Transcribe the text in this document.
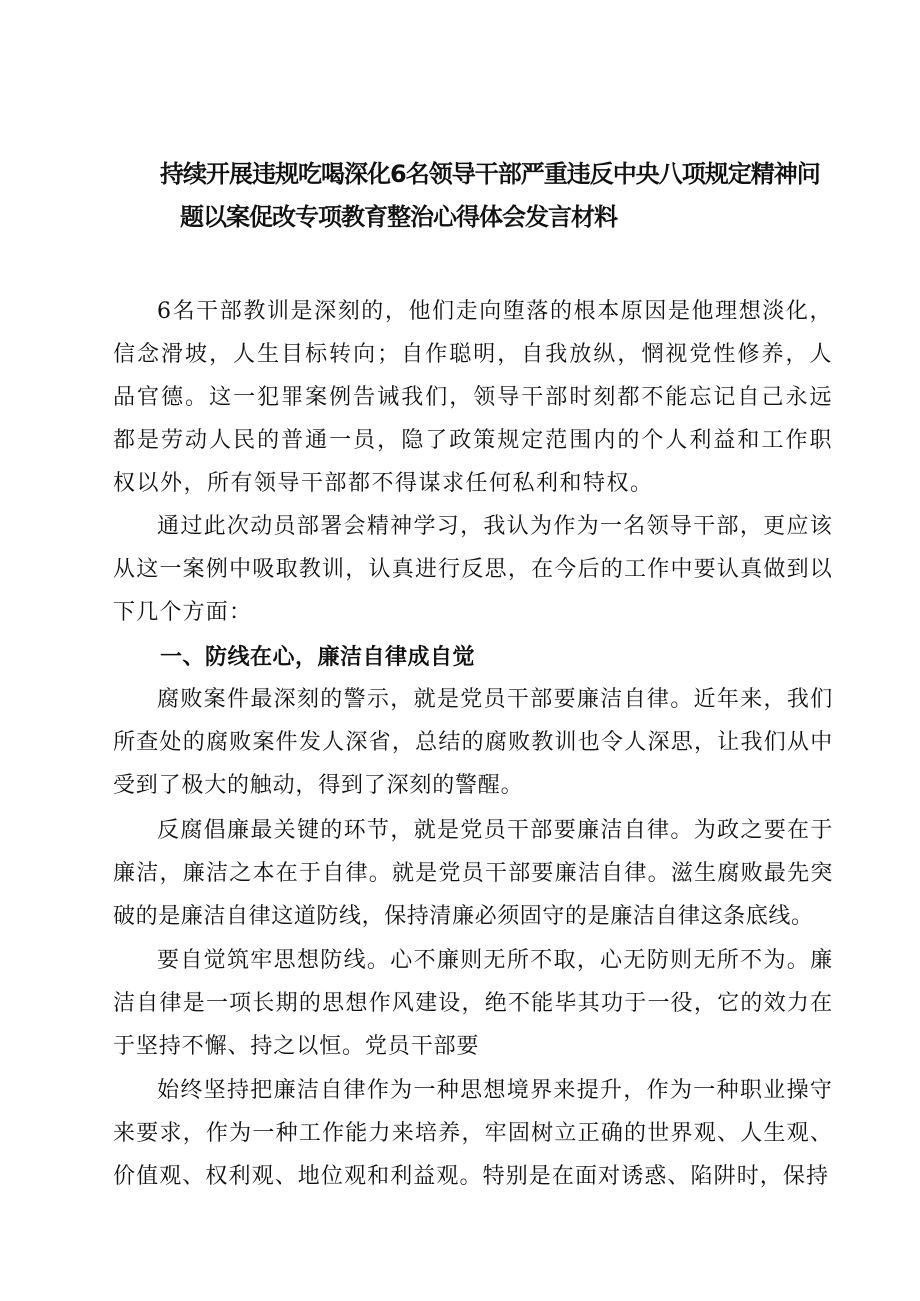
持续开展违规吃喝深化6名领导干部严重违反中央八项规定精神问
题以案促改专项教育整治心得体会发言材料

6名干部教训是深刻的，他们走向堕落的根本原因是他理想淡化，信念滑坡，人生目标转向；自作聪明，自我放纵，惘视党性修养，人品官德。这一犯罪案例告诫我们，领导干部时刻都不能忘记自己永远都是劳动人民的普通一员，隐了政策规定范围内的个人利益和工作职权以外，所有领导干部都不得谋求任何私利和特权。

通过此次动员部署会精神学习，我认为作为一名领导干部，更应该从这一案例中吸取教训，认真进行反思，在今后的工作中要认真做到以下几个方面：

一、防线在心，廉洁自律成自觉

腐败案件最深刻的警示，就是党员干部要廉洁自律。近年来，我们所查处的腐败案件发人深省，总结的腐败教训也令人深思，让我们从中受到了极大的触动，得到了深刻的警醒。

反腐倡廉最关键的环节，就是党员干部要廉洁自律。为政之要在于廉洁，廉洁之本在于自律。就是党员干部要廉洁自律。滋生腐败最先突破的是廉洁自律这道防线，保持清廉必须固守的是廉洁自律这条底线。

要自觉筑牢思想防线。心不廉则无所不取，心无防则无所不为。廉洁自律是一项长期的思想作风建设，绝不能毕其功于一役，它的效力在于坚持不懈、持之以恒。党员干部要

始终坚持把廉洁自律作为一种思想境界来提升，作为一种职业操守来要求，作为一种工作能力来培养，牢固树立正确的世界观、人生观、价值观、权利观、地位观和利益观。特别是在面对诱惑、陷阱时，保持
